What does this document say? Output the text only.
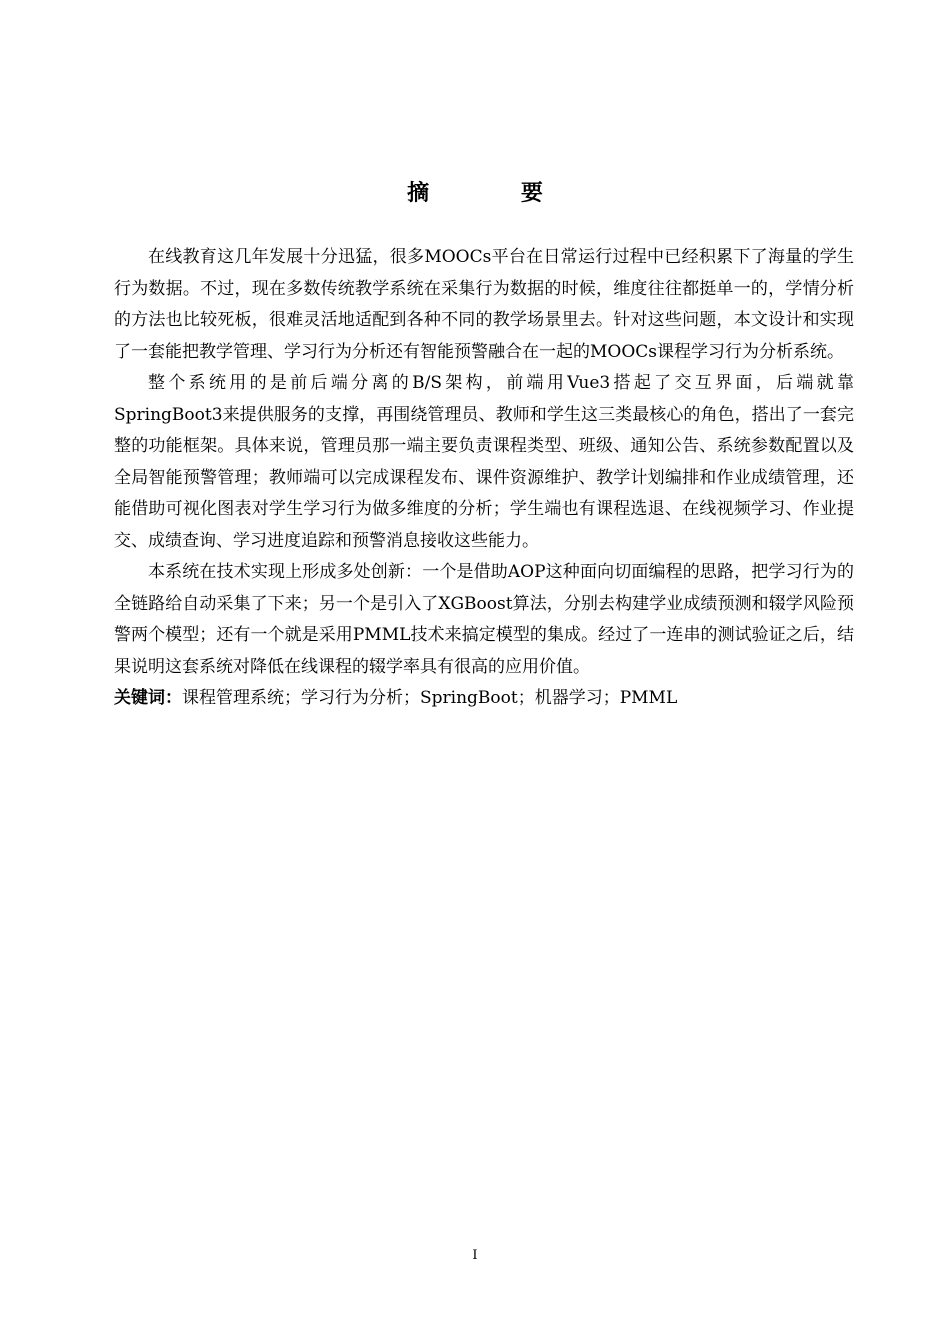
摘 要

在线教育这几年发展十分迅猛，很多MOOCs平台在日常运行过程中已经积累下了海量的学生行为数据。不过，现在多数传统教学系统在采集行为数据的时候，维度往往都挺单一的，学情分析的方法也比较死板，很难灵活地适配到各种不同的教学场景里去。针对这些问题，本文设计和实现了一套能把教学管理、学习行为分析还有智能预警融合在一起的MOOCs课程学习行为分析系统。

整个系统用的是前后端分离的B/S架构，前端用Vue3搭起了交互界面，后端就靠SpringBoot3来提供服务的支撑，再围绕管理员、教师和学生这三类最核心的角色，搭出了一套完整的功能框架。具体来说，管理员那一端主要负责课程类型、班级、通知公告、系统参数配置以及全局智能预警管理；教师端可以完成课程发布、课件资源维护、教学计划编排和作业成绩管理，还能借助可视化图表对学生学习行为做多维度的分析；学生端也有课程选退、在线视频学习、作业提交、成绩查询、学习进度追踪和预警消息接收这些能力。

本系统在技术实现上形成多处创新：一个是借助AOP这种面向切面编程的思路，把学习行为的全链路给自动采集了下来；另一个是引入了XGBoost算法，分别去构建学业成绩预测和辍学风险预警两个模型；还有一个就是采用PMML技术来搞定模型的集成。经过了一连串的测试验证之后，结果说明这套系统对降低在线课程的辍学率具有很高的应用价值。

关键词：课程管理系统；学习行为分析；SpringBoot；机器学习；PMML

I
